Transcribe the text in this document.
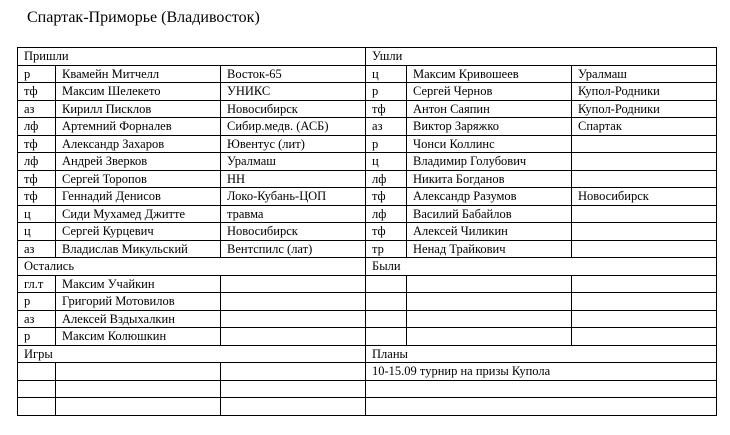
Спартак-Приморье (Владивосток)
Пришли			Ушли		
р	Квамейн Митчелл	Восток-65	ц	Максим Кривошеев	Уралмаш
тф	Максим Шелекето	УНИКС	р	Сергей Чернов	Купол-Родники
аз	Кирилл Писклов	Новосибирск	тф	Антон Саяпин	Купол-Родники
лф	Артемний Форналев	Сибир.медв. (АСБ)	аз	Виктор Заряжко	Спартак
тф	Александр Захаров	Ювентус (лит)	р	Чонси Коллинс	
лф	Андрей Зверков	Уралмаш	ц	Владимир Голубович	
тф	Сергей Торопов	НН	лф	Никита Богданов	
тф	Геннадий Денисов	Локо-Кубань-ЦОП	тф	Александр Разумов	Новосибирск
ц	Сиди Мухамед Джитте	травма	лф	Василий Бабайлов	
ц	Сергей Курцевич	Новосибирск	тф	Алексей Чиликин	
аз	Владислав Микульский	Вентспилс (лат)	тр	Ненад Трайкович	
Остались			Были		
гл.т	Максим Учайкин				
р	Григорий Мотовилов				
аз	Алексей Вздыхалкин				
р	Максим Колюшкин				
Игры			Планы		
			10-15.09 турнир на призы Купола		
